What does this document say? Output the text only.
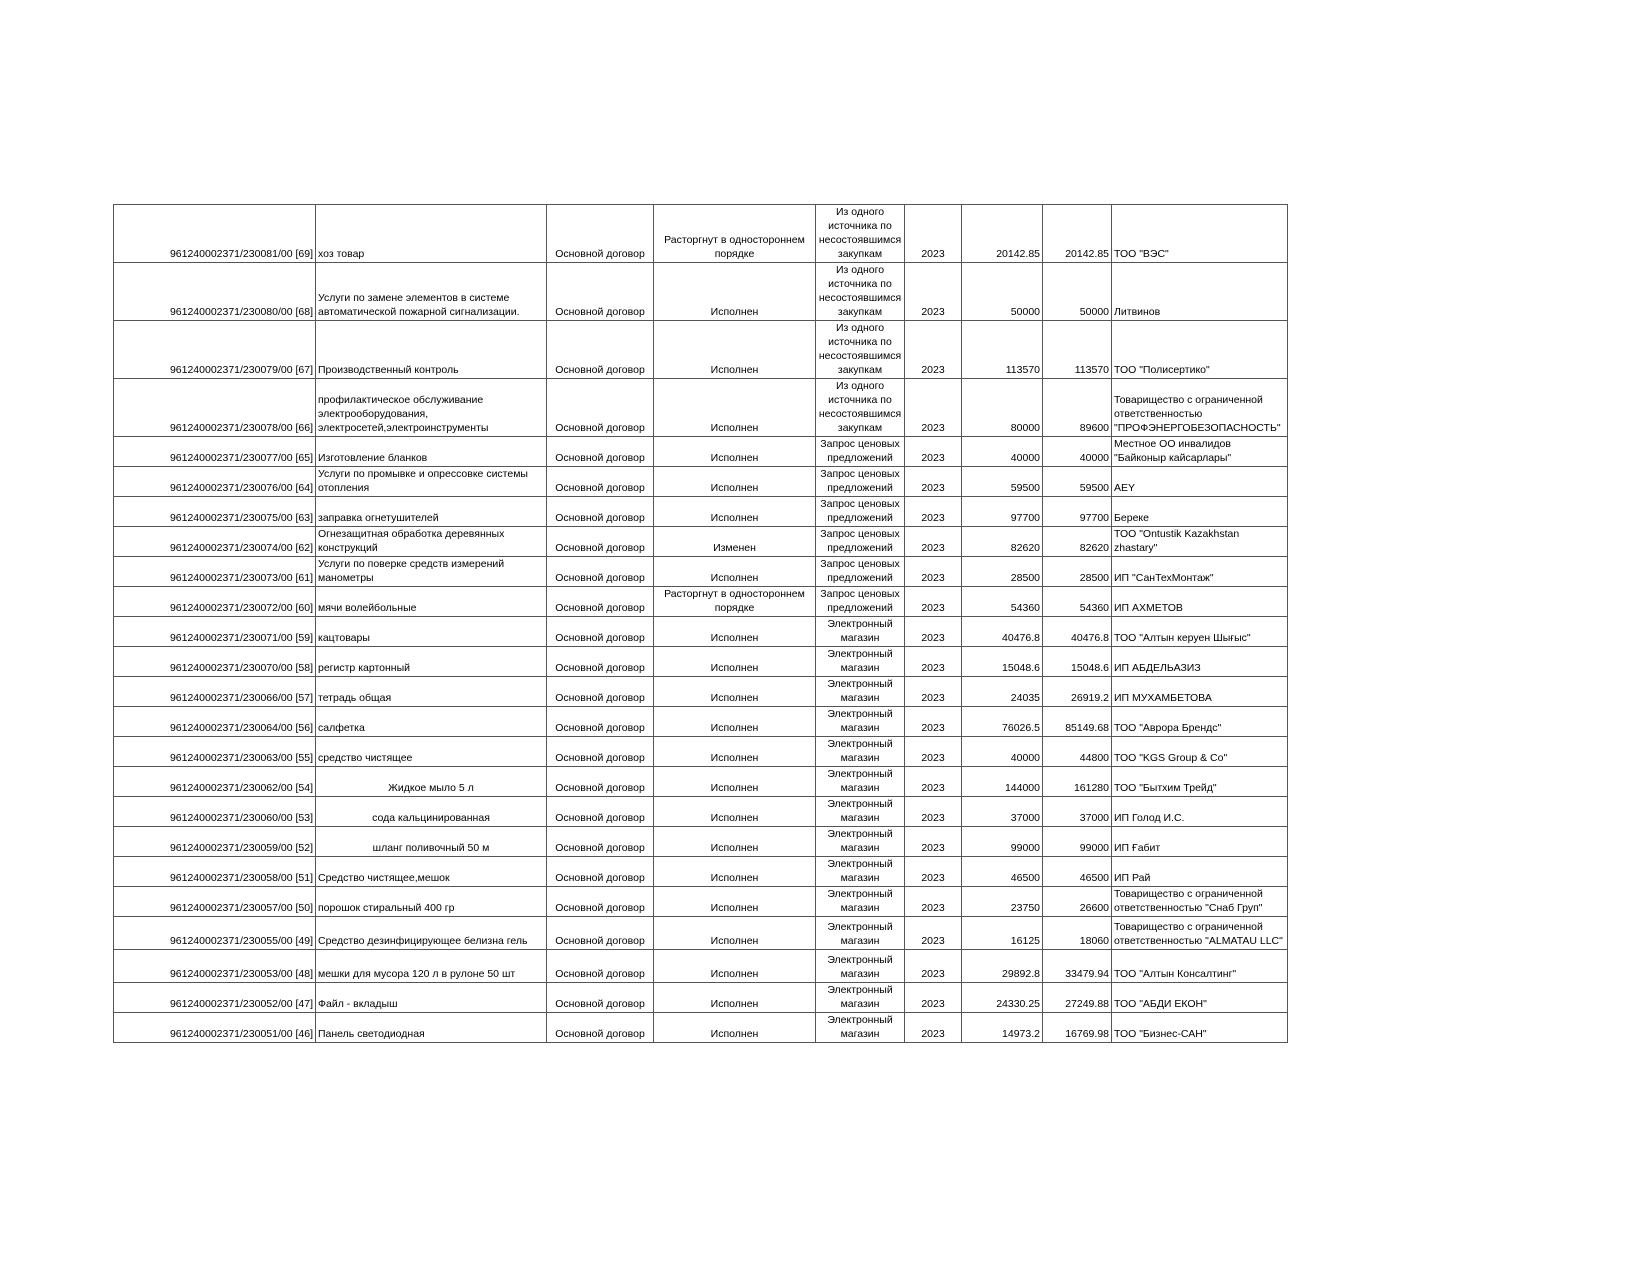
961240002371/230081/00 [69]	хоз товар	Основной договор	Расторгнут в одностороннем порядке	Из одного источника по несостоявшимся закупкам	2023	20142.85	20142.85	ТОО "ВЭС"
961240002371/230080/00 [68]	Услуги по замене элементов в системе автоматической пожарной сигнализации.	Основной договор	Исполнен	Из одного источника по несостоявшимся закупкам	2023	50000	50000	Литвинов
961240002371/230079/00 [67]	Производственный контроль	Основной договор	Исполнен	Из одного источника по несостоявшимся закупкам	2023	113570	113570	ТОО "Полисертико"
961240002371/230078/00 [66]	профилактическое обслуживание электрооборудования, электросетей,электроинструменты	Основной договор	Исполнен	Из одного источника по несостоявшимся закупкам	2023	80000	89600	Товарищество с ограниченной ответственностью "ПРОФЭНЕРГОБЕЗОПАСНОСТЬ"
961240002371/230077/00 [65]	Изготовление бланков	Основной договор	Исполнен	Запрос ценовых предложений	2023	40000	40000	Местное ОО инвалидов "Байконыр кайсарлары"
961240002371/230076/00 [64]	Услуги по промывке и опрессовке системы отопления	Основной договор	Исполнен	Запрос ценовых предложений	2023	59500	59500	AEY
961240002371/230075/00 [63]	заправка огнетушителей	Основной договор	Исполнен	Запрос ценовых предложений	2023	97700	97700	Береке
961240002371/230074/00 [62]	Огнезащитная обработка деревянных конструкций	Основной договор	Изменен	Запрос ценовых предложений	2023	82620	82620	ТОО "Ontustik Kazakhstan zhastary"
961240002371/230073/00 [61]	Услуги по поверке средств измерений манометры	Основной договор	Исполнен	Запрос ценовых предложений	2023	28500	28500	ИП "СанТехМонтаж"
961240002371/230072/00 [60]	мячи волейбольные	Основной договор	Расторгнут в одностороннем порядке	Запрос ценовых предложений	2023	54360	54360	ИП АХМЕТОВ
961240002371/230071/00 [59]	кацтовары	Основной договор	Исполнен	Электронный магазин	2023	40476.8	40476.8	ТОО "Алтын керуен Шығыс"
961240002371/230070/00 [58]	регистр картонный	Основной договор	Исполнен	Электронный магазин	2023	15048.6	15048.6	ИП АБДЕЛЬАЗИЗ
961240002371/230066/00 [57]	тетрадь общая	Основной договор	Исполнен	Электронный магазин	2023	24035	26919.2	ИП МУХАМБЕТОВА
961240002371/230064/00 [56]	салфетка	Основной договор	Исполнен	Электронный магазин	2023	76026.5	85149.68	ТОО "Аврора Брендс"
961240002371/230063/00 [55]	средство чистящее	Основной договор	Исполнен	Электронный магазин	2023	40000	44800	ТОО "KGS Group & Co"
961240002371/230062/00 [54]	Жидкое мыло 5 л	Основной договор	Исполнен	Электронный магазин	2023	144000	161280	ТОО "Бытхим Трейд"
961240002371/230060/00 [53]	сода кальцинированная	Основной договор	Исполнен	Электронный магазин	2023	37000	37000	ИП Голод И.С.
961240002371/230059/00 [52]	шланг поливочный 50 м	Основной договор	Исполнен	Электронный магазин	2023	99000	99000	ИП Ғабит
961240002371/230058/00 [51]	Средство чистящее,мешок	Основной договор	Исполнен	Электронный магазин	2023	46500	46500	ИП Рай
961240002371/230057/00 [50]	порошок стиральный 400 гр	Основной договор	Исполнен	Электронный магазин	2023	23750	26600	Товарищество с ограниченной ответственностью "Снаб Груп"
961240002371/230055/00 [49]	Средство дезинфицирующее белизна гель	Основной договор	Исполнен	Электронный магазин	2023	16125	18060	Товарищество с ограниченной ответственностью "ALMATAU LLC"
961240002371/230053/00 [48]	мешки для мусора 120 л в рулоне 50 шт	Основной договор	Исполнен	Электронный магазин	2023	29892.8	33479.94	ТОО "Алтын Консалтинг"
961240002371/230052/00 [47]	Файл - вкладыш	Основной договор	Исполнен	Электронный магазин	2023	24330.25	27249.88	ТОО "АБДИ ЕКОН"
961240002371/230051/00 [46]	Панель светодиодная	Основной договор	Исполнен	Электронный магазин	2023	14973.2	16769.98	ТОО "Бизнес-САН"
